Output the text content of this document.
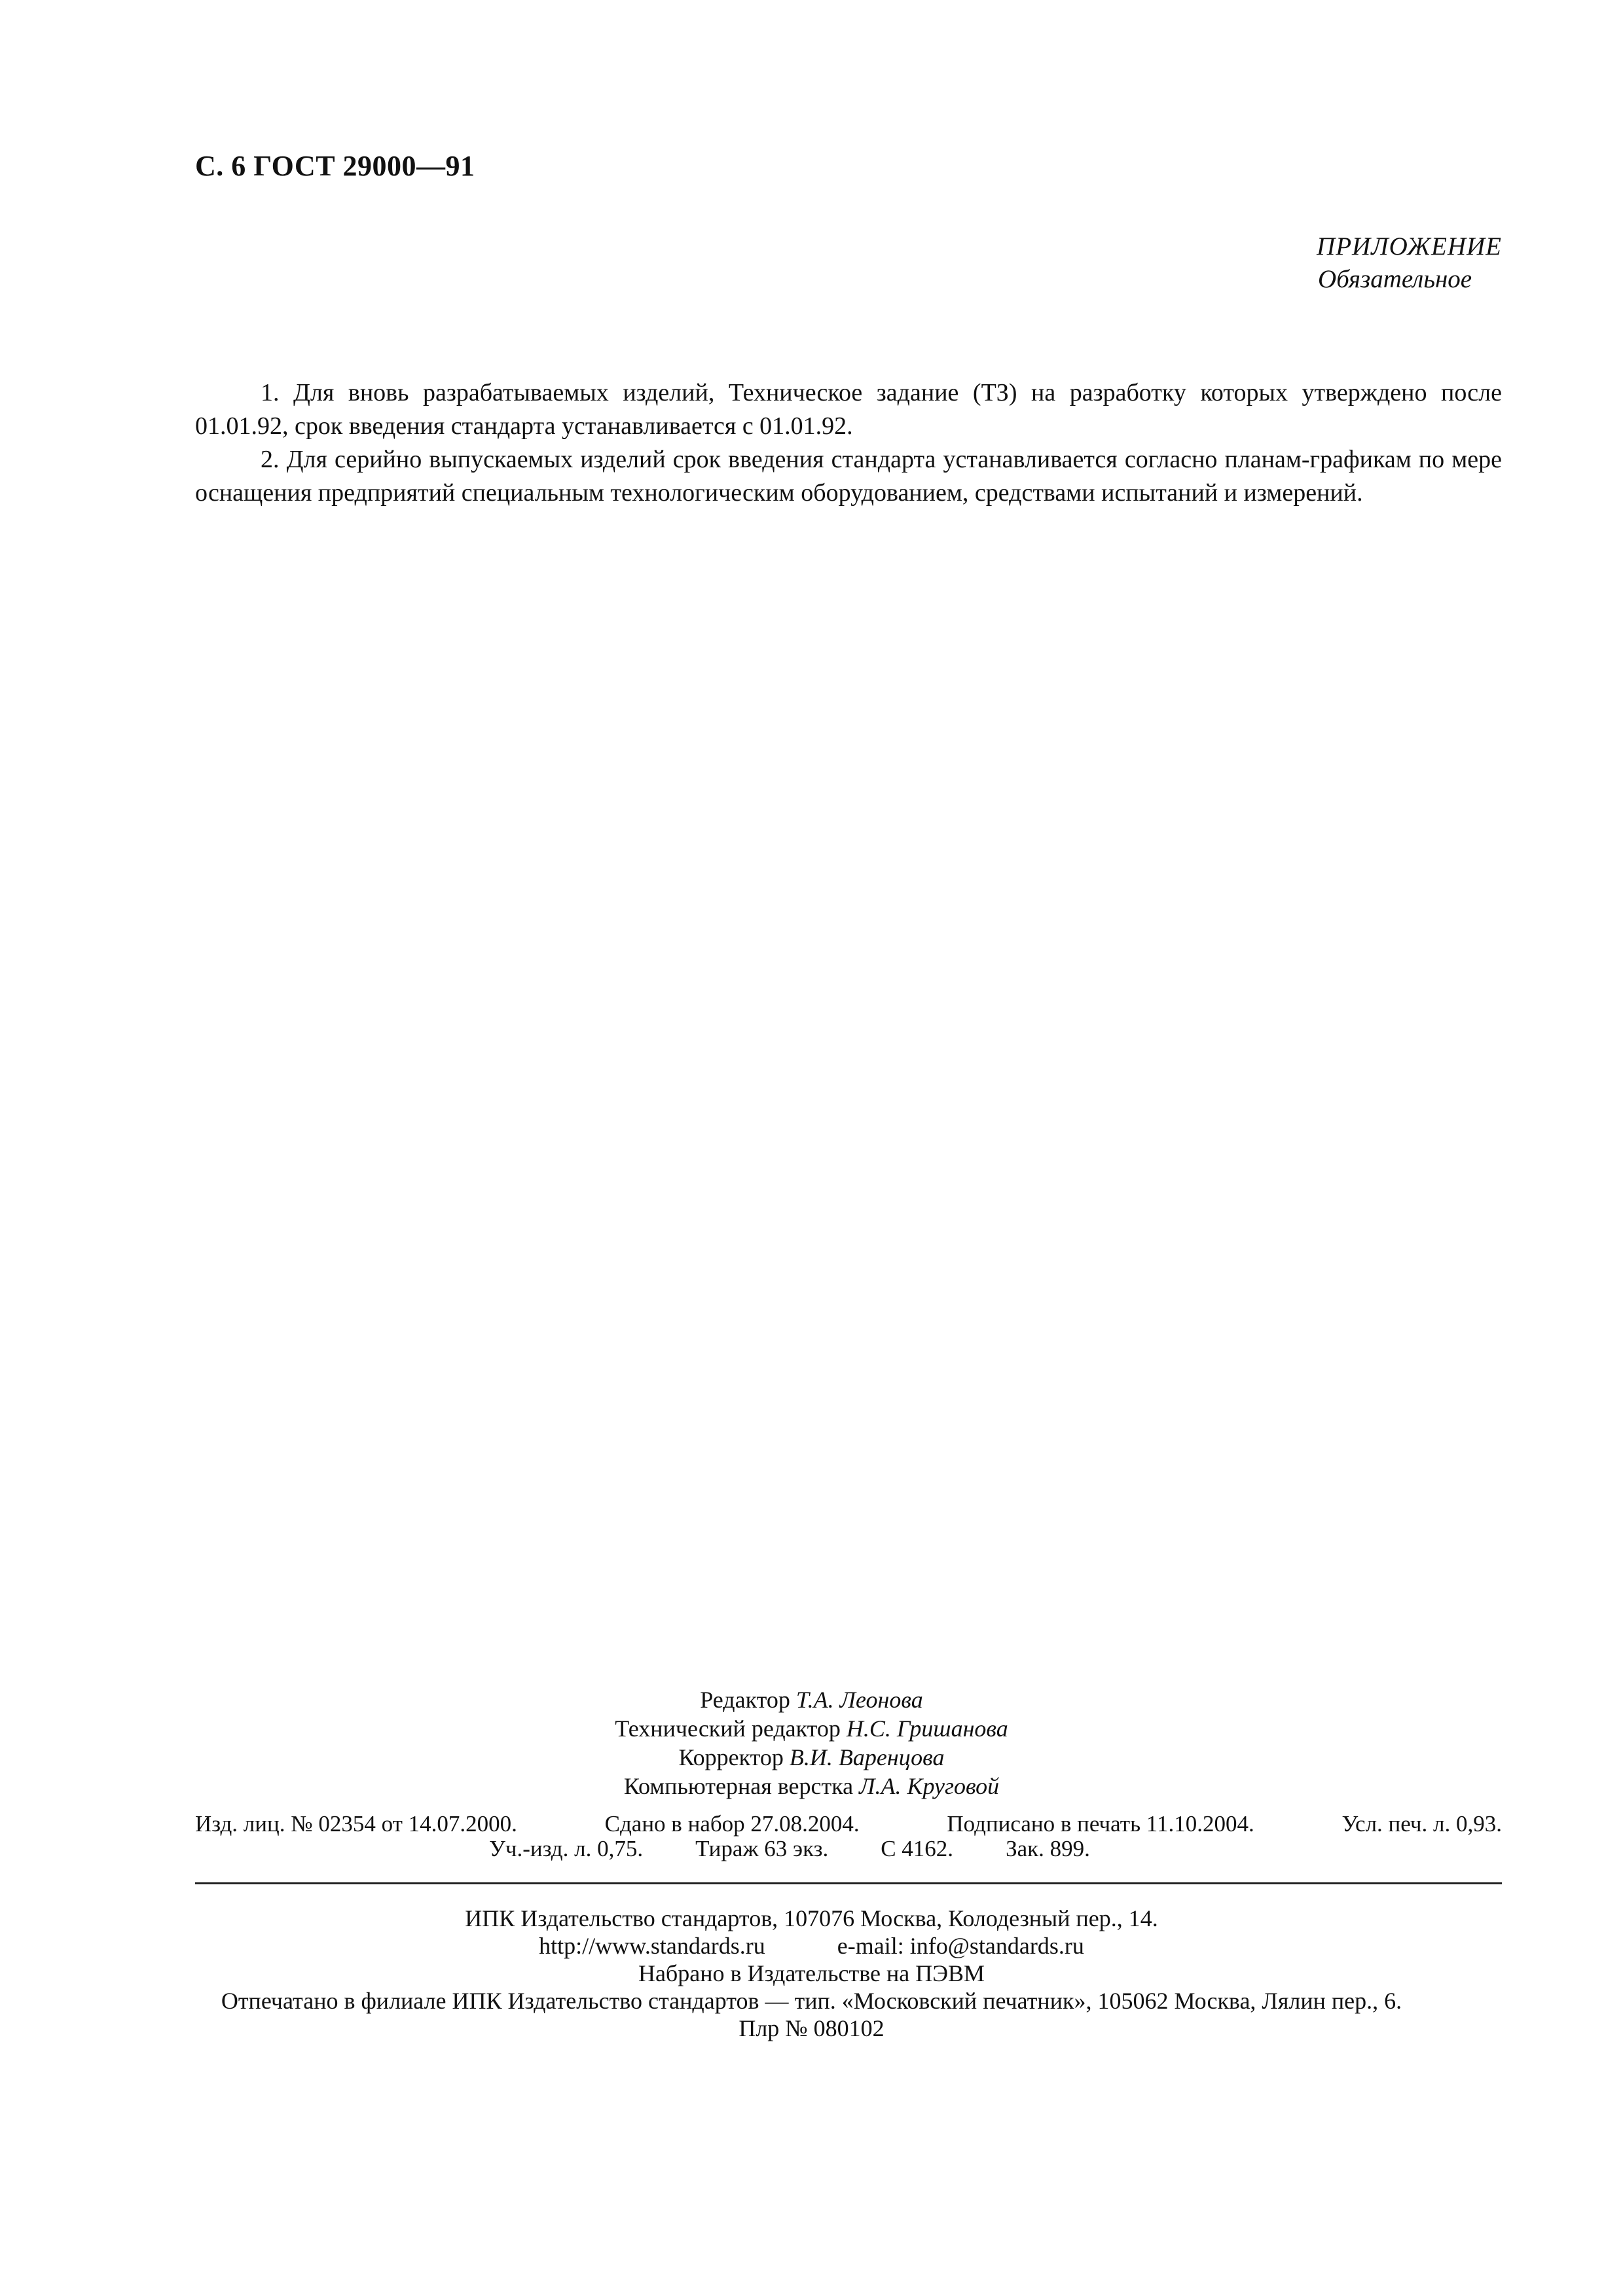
С. 6 ГОСТ 29000—91
ПРИЛОЖЕНИЕ
Обязательное

1. Для вновь разрабатываемых изделий, Техническое задание (ТЗ) на разработку которых утверждено после 01.01.92, срок введения стандарта устанавливается с 01.01.92.

2. Для серийно выпускаемых изделий срок введения стандарта устанавливается согласно планам-графикам по мере оснащения предприятий специальным технологическим оборудованием, средствами испытаний и измерений.

Редактор Т.А. Леонова
Технический редактор Н.С. Гришанова
Корректор В.И. Варенцова
Компьютерная верстка Л.А. Круговой
Изд. лиц. № 02354 от 14.07.2000.	Сдано в набор 27.08.2004.	Подписано в печать 11.10.2004.	Усл. печ. л. 0,93.
Уч.-изд. л. 0,75. Тираж 63 экз. С 4162. Зак. 899.
ИПК Издательство стандартов, 107076 Москва, Колодезный пер., 14.
http://www.standards.ru	e-mail: info@standards.ru
Набрано в Издательстве на ПЭВМ
Отпечатано в филиале ИПК Издательство стандартов — тип. «Московский печатник», 105062 Москва, Лялин пер., 6.
Плр № 080102
